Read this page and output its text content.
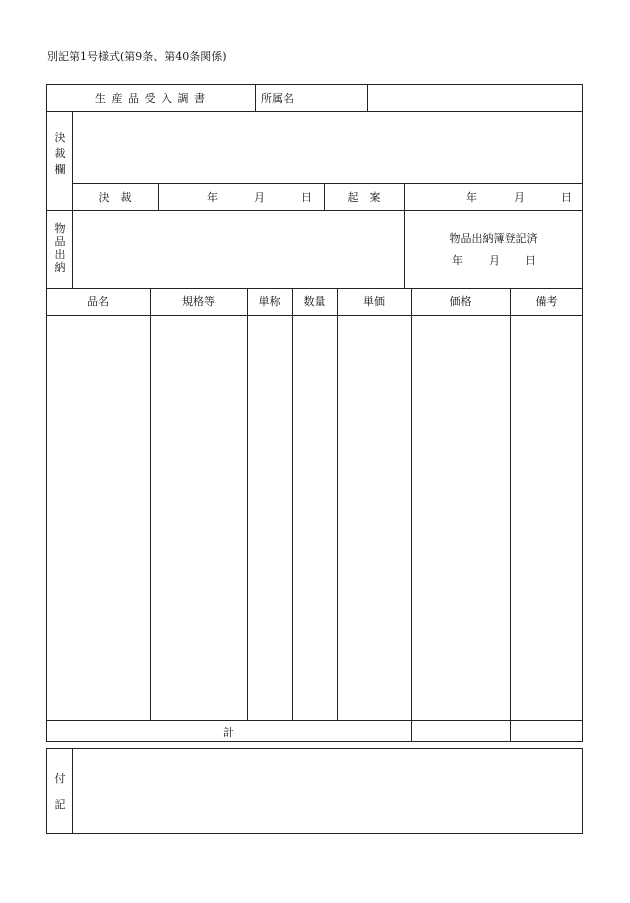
別記第1号様式(第9条、第40条関係)
生 産 品 受 入 調 書	所属名
決
裁
欄
決　裁	年	月	日	起　案	年	月	日
物
品
出
納
物品出納簿登記済
年 月 日
品名	規格等	単称	数量	単価	価格	備考
計
付

記
